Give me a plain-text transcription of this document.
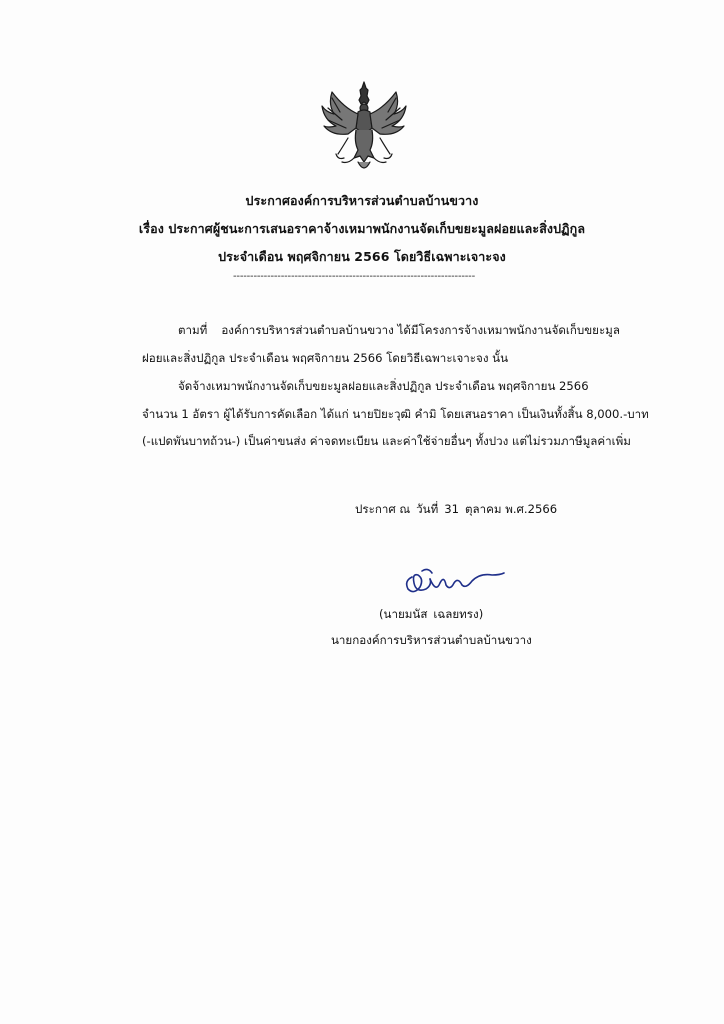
ประกาศองค์การบริหารส่วนตำบลบ้านขวาง
เรื่อง ประกาศผู้ชนะการเสนอราคาจ้างเหมาพนักงานจัดเก็บขยะมูลฝอยและสิ่งปฏิกูล
ประจำเดือน พฤศจิกายน 2566 โดยวิธีเฉพาะเจาะจง
-----------------------------------------------------------------------
ตามที่ องค์การบริหารส่วนตำบลบ้านขวาง ได้มีโครงการจ้างเหมาพนักงานจัดเก็บขยะมูล
ฝอยและสิ่งปฏิกูล ประจำเดือน พฤศจิกายน 2566 โดยวิธีเฉพาะเจาะจง นั้น
จัดจ้างเหมาพนักงานจัดเก็บขยะมูลฝอยและสิ่งปฏิกูล ประจำเดือน พฤศจิกายน 2566
จำนวน 1 อัตรา ผู้ได้รับการคัดเลือก ได้แก่ นายปิยะวุฒิ คำมิ โดยเสนอราคา เป็นเงินทั้งสิ้น 8,000.-บาท
(-แปดพันบาทถ้วน-) เป็นค่าขนส่ง ค่าจดทะเบียน และค่าใช้จ่ายอื่นๆ ทั้งปวง แต่ไม่รวมภาษีมูลค่าเพิ่ม
ประกาศ ณ วันที่ 31 ตุลาคม พ.ศ.2566
(นายมนัส เฉลยทรง)
นายกองค์การบริหารส่วนตำบลบ้านขวาง
